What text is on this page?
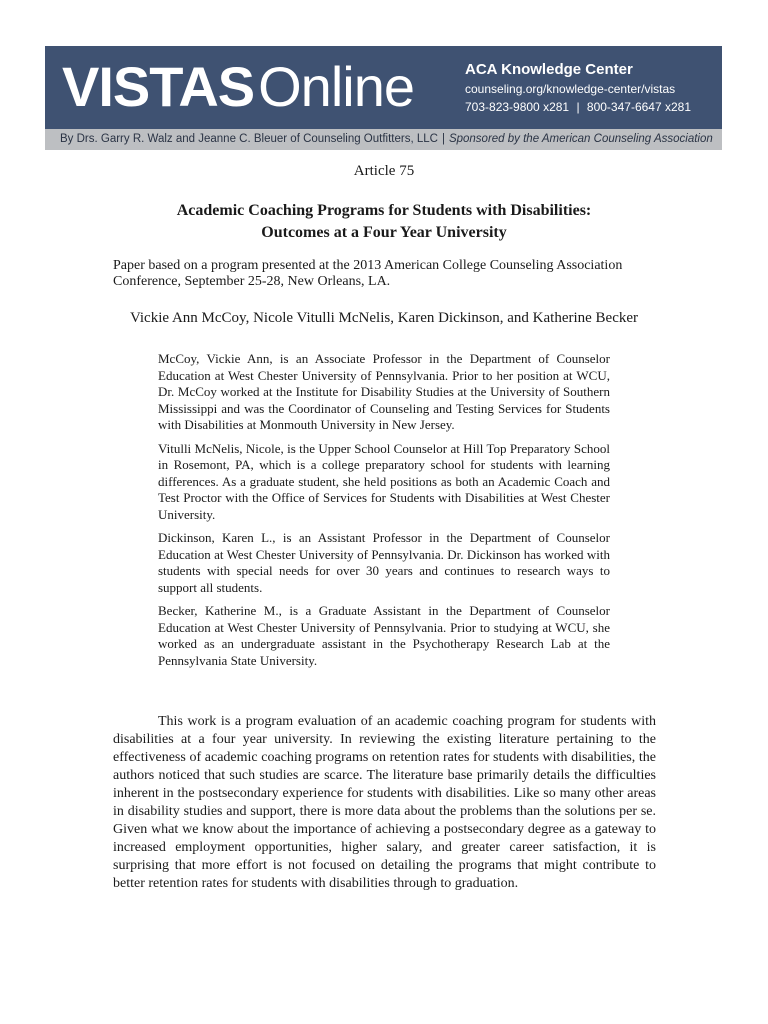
VISTASOnline	ACA Knowledge Center
counseling.org/knowledge-center/vistas
703-823-9800 x281 | 800-347-6647 x281
By Drs. Garry R. Walz and Jeanne C. Bleuer of Counseling Outfitters, LLC | Sponsored by the American Counseling Association
Article 75
Academic Coaching Programs for Students with Disabilities:
Outcomes at a Four Year University
Paper based on a program presented at the 2013 American College Counseling Association Conference, September 25-28, New Orleans, LA.
Vickie Ann McCoy, Nicole Vitulli McNelis, Karen Dickinson, and Katherine Becker

McCoy, Vickie Ann, is an Associate Professor in the Department of Counselor Education at West Chester University of Pennsylvania. Prior to her position at WCU, Dr. McCoy worked at the Institute for Disability Studies at the University of Southern Mississippi and was the Coordinator of Counseling and Testing Services for Students with Disabilities at Monmouth University in New Jersey.

Vitulli McNelis, Nicole, is the Upper School Counselor at Hill Top Preparatory School in Rosemont, PA, which is a college preparatory school for students with learning differences. As a graduate student, she held positions as both an Academic Coach and Test Proctor with the Office of Services for Students with Disabilities at West Chester University.

Dickinson, Karen L., is an Assistant Professor in the Department of Counselor Education at West Chester University of Pennsylvania. Dr. Dickinson has worked with students with special needs for over 30 years and continues to research ways to support all students.

Becker, Katherine M., is a Graduate Assistant in the Department of Counselor Education at West Chester University of Pennsylvania. Prior to studying at WCU, she worked as an undergraduate assistant in the Psychotherapy Research Lab at the Pennsylvania State University.

This work is a program evaluation of an academic coaching program for students with disabilities at a four year university. In reviewing the existing literature pertaining to the effectiveness of academic coaching programs on retention rates for students with disabilities, the authors noticed that such studies are scarce. The literature base primarily details the difficulties inherent in the postsecondary experience for students with disabilities. Like so many other areas in disability studies and support, there is more data about the problems than the solutions per se. Given what we know about the importance of achieving a postsecondary degree as a gateway to increased employment opportunities, higher salary, and greater career satisfaction, it is surprising that more effort is not focused on detailing the programs that might contribute to better retention rates for students with disabilities through to graduation.
